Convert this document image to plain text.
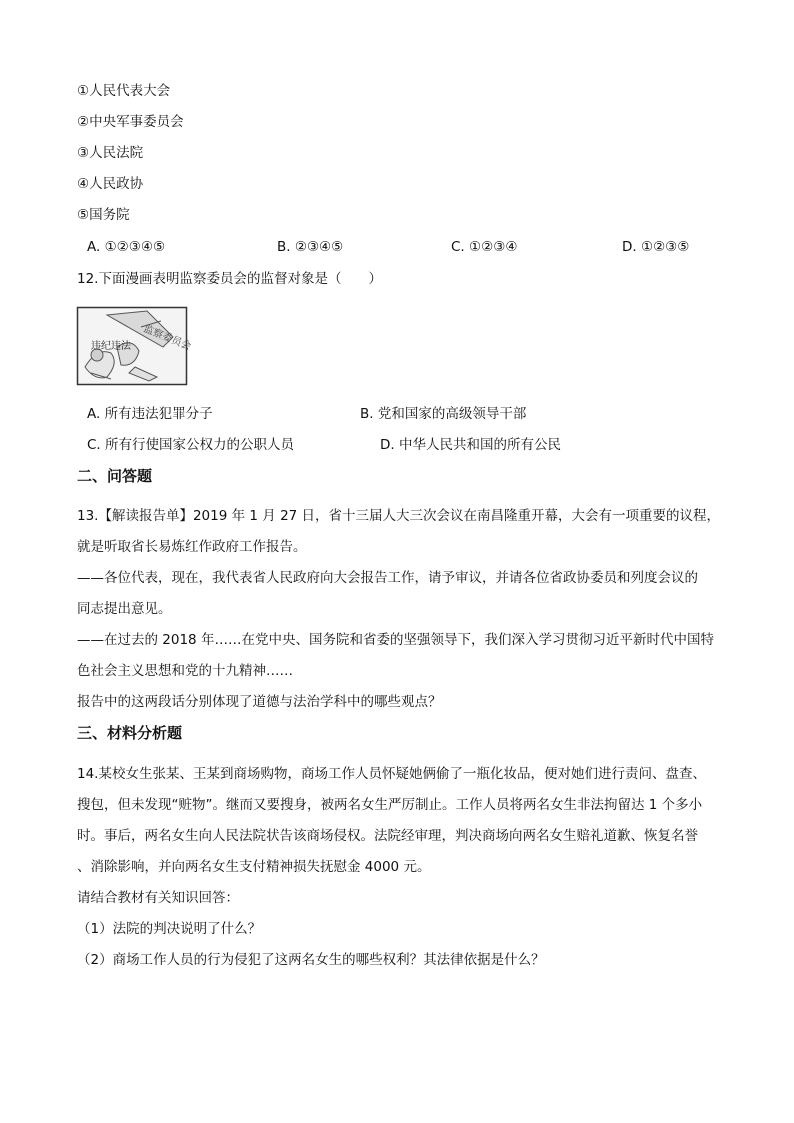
①人民代表大会
②中央军事委员会
③人民法院
④人民政协
⑤国务院
A. ①②③④⑤	B. ②③④⑤	C. ①②③④	D. ①②③⑤
12.下面漫画表明监察委员会的监督对象是（　　）
监察委员会
违纪违法
A. 所有违法犯罪分子	B. 党和国家的高级领导干部
C. 所有行使国家公权力的公职人员	D. 中华人民共和国的所有公民
二、问答题
13.【解读报告单】2019 年 1 月 27 日，省十三届人大三次会议在南昌隆重开幕，大会有一项重要的议程，
就是听取省长易炼红作政府工作报告。
——各位代表，现在，我代表省人民政府向大会报告工作，请予审议，并请各位省政协委员和列度会议的
同志提出意见。
——在过去的 2018 年……在党中央、国务院和省委的坚强领导下，我们深入学习贯彻习近平新时代中国特
色社会主义思想和党的十九精神……
报告中的这两段话分别体现了道德与法治学科中的哪些观点？
三、材料分析题
14.某校女生张某、王某到商场购物，商场工作人员怀疑她俩偷了一瓶化妆品，便对她们进行责问、盘查、
搜包，但未发现“赃物”。继而又要搜身，被两名女生严厉制止。工作人员将两名女生非法拘留达 1 个多小
时。事后，两名女生向人民法院状告该商场侵权。法院经审理，判决商场向两名女生赔礼道歉、恢复名誉
、消除影响，并向两名女生支付精神损失抚慰金 4000 元。
请结合教材有关知识回答：
（1）法院的判决说明了什么？
（2）商场工作人员的行为侵犯了这两名女生的哪些权利？其法律依据是什么？
